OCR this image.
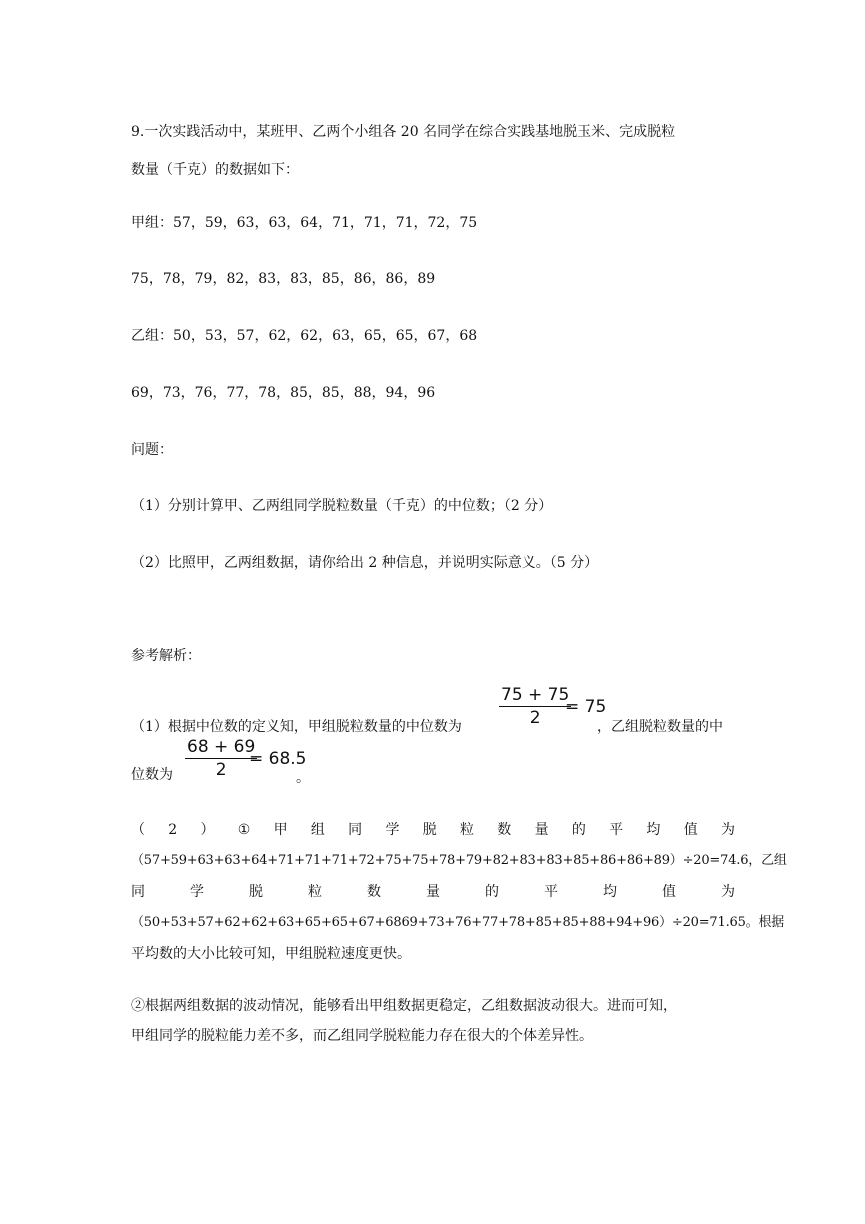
9.一次实践活动中，某班甲、乙两个小组各 20 名同学在综合实践基地脱玉米、完成脱粒
数量（千克）的数据如下：
甲组：57，59，63，63，64，71，71，71，72，75
75，78，79，82，83，83，85，86，86，89
乙组：50，53，57，62，62，63，65，65，67，68
69，73，76，77，78，85，85，88，94，96
问题：
（1）分别计算甲、乙两组同学脱粒数量（千克）的中位数；（2 分）
（2）比照甲，乙两组数据，请你给出 2 种信息，并说明实际意义。（5 分）
参考解析：
（1）根据中位数的定义知，甲组脱粒数量的中位数为
75 + 75
2
= 75
，乙组脱粒数量的中
位数为
68 + 69
2
= 68.5
。
（ 2 ） ① 甲 组 同 学 脱 粒 数 量 的 平 均 值 为
（57+59+63+63+64+71+71+71+72+75+75+78+79+82+83+83+85+86+86+89）÷20=74.6，乙组
同	学	脱	粒	数	量	的	平	均	值	为
（50+53+57+62+62+63+65+65+67+6869+73+76+77+78+85+85+88+94+96）÷20=71.65。根据
平均数的大小比较可知，甲组脱粒速度更快。
②根据两组数据的波动情况，能够看出甲组数据更稳定，乙组数据波动很大。进而可知，
甲组同学的脱粒能力差不多，而乙组同学脱粒能力存在很大的个体差异性。
